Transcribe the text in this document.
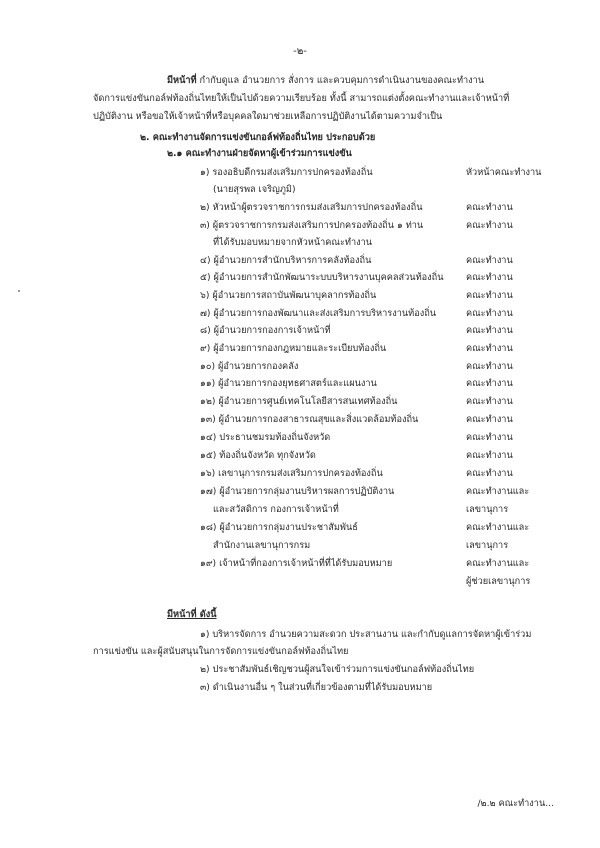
-๒-
มีหน้าที่ กำกับดูแล อำนวยการ สั่งการ และควบคุมการดำเนินงานของคณะทำงาน
จัดการแข่งขันกอล์ฟท้องถิ่นไทยให้เป็นไปด้วยความเรียบร้อย ทั้งนี้ สามารถแต่งตั้งคณะทำงานและเจ้าหน้าที่
ปฏิบัติงาน หรือขอให้เจ้าหน้าที่หรือบุคคลใดมาช่วยเหลือการปฏิบัติงานได้ตามความจำเป็น
๒. คณะทำงานจัดการแข่งขันกอล์ฟท้องถิ่นไทย ประกอบด้วย
๒.๑ คณะทำงานฝ่ายจัดหาผู้เข้าร่วมการแข่งขัน
๑) รองอธิบดีกรมส่งเสริมการปกครองท้องถิ่น	หัวหน้าคณะทำงาน
(นายสุรพล เจริญภูมิ)
๒) หัวหน้าผู้ตรวจราชการกรมส่งเสริมการปกครองท้องถิ่น	คณะทำงาน
๓) ผู้ตรวจราชการกรมส่งเสริมการปกครองท้องถิ่น ๑ ท่าน	คณะทำงาน
ที่ได้รับมอบหมายจากหัวหน้าคณะทำงาน
๔) ผู้อำนวยการสำนักบริหารการคลังท้องถิ่น	คณะทำงาน
๕) ผู้อำนวยการสำนักพัฒนาระบบบริหารงานบุคคลส่วนท้องถิ่น คณะทำงาน
๖) ผู้อำนวยการสถาบันพัฒนาบุคลากรท้องถิ่น	คณะทำงาน
๗) ผู้อำนวยการกองพัฒนาและส่งเสริมการบริหารงานท้องถิ่น	คณะทำงาน
๘) ผู้อำนวยการกองการเจ้าหน้าที่	คณะทำงาน
๙) ผู้อำนวยการกองกฎหมายและระเบียบท้องถิ่น	คณะทำงาน
๑๐) ผู้อำนวยการกองคลัง	คณะทำงาน
๑๑) ผู้อำนวยการกองยุทธศาสตร์และแผนงาน	คณะทำงาน
๑๒) ผู้อำนวยการศูนย์เทคโนโลยีสารสนเทศท้องถิ่น	คณะทำงาน
๑๓) ผู้อำนวยการกองสาธารณสุขและสิ่งแวดล้อมท้องถิ่น	คณะทำงาน
๑๔) ประธานชมรมท้องถิ่นจังหวัด	คณะทำงาน
๑๕) ท้องถิ่นจังหวัด ทุกจังหวัด	คณะทำงาน
๑๖) เลขานุการกรมส่งเสริมการปกครองท้องถิ่น	คณะทำงาน
๑๗) ผู้อำนวยการกลุ่มงานบริหารผลการปฏิบัติงาน	คณะทำงานและ
และสวัสดิการ กองการเจ้าหน้าที่	เลขานุการ
๑๘) ผู้อำนวยการกลุ่มงานประชาสัมพันธ์	คณะทำงานและ
สำนักงานเลขานุการกรม	เลขานุการ
๑๙) เจ้าหน้าที่กองการเจ้าหน้าที่ที่ได้รับมอบหมาย	คณะทำงานและ
ผู้ช่วยเลขานุการ
มีหน้าที่ ดังนี้
๑) บริหารจัดการ อำนวยความสะดวก ประสานงาน และกำกับดูแลการจัดหาผู้เข้าร่วม
การแข่งขัน และผู้สนับสนุนในการจัดการแข่งขันกอล์ฟท้องถิ่นไทย
๒) ประชาสัมพันธ์เชิญชวนผู้สนใจเข้าร่วมการแข่งขันกอล์ฟท้องถิ่นไทย
๓) ดำเนินงานอื่น ๆ ในส่วนที่เกี่ยวข้องตามที่ได้รับมอบหมาย
/๒.๒ คณะทำงาน...
